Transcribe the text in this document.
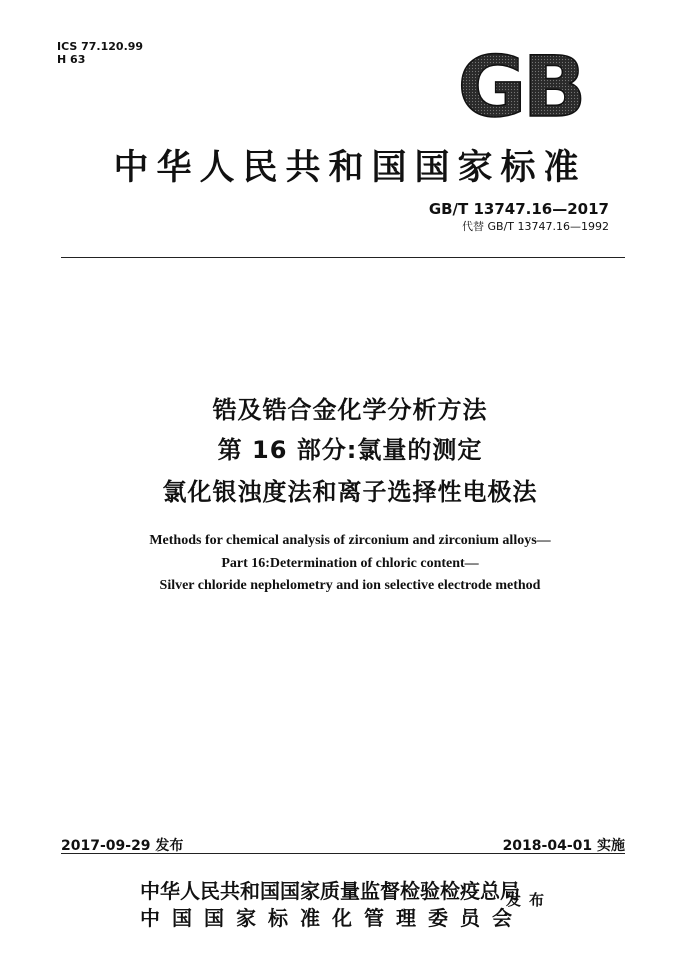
ICS 77.120.99
H 63	GB
中华人民共和国国家标准
GB/T 13747.16—2017
代替 GB/T 13747.16—1992
锆及锆合金化学分析方法
第 16 部分:氯量的测定
氯化银浊度法和离子选择性电极法
Methods for chemical analysis of zirconium and zirconium alloys—
Part 16:Determination of chloric content—
Silver chloride nephelometry and ion selective electrode method
2017-09-29 发布	2018-04-01 实施
中华人民共和国国家质量监督检验检疫总局
中国国家标准化管理委员会
发布
